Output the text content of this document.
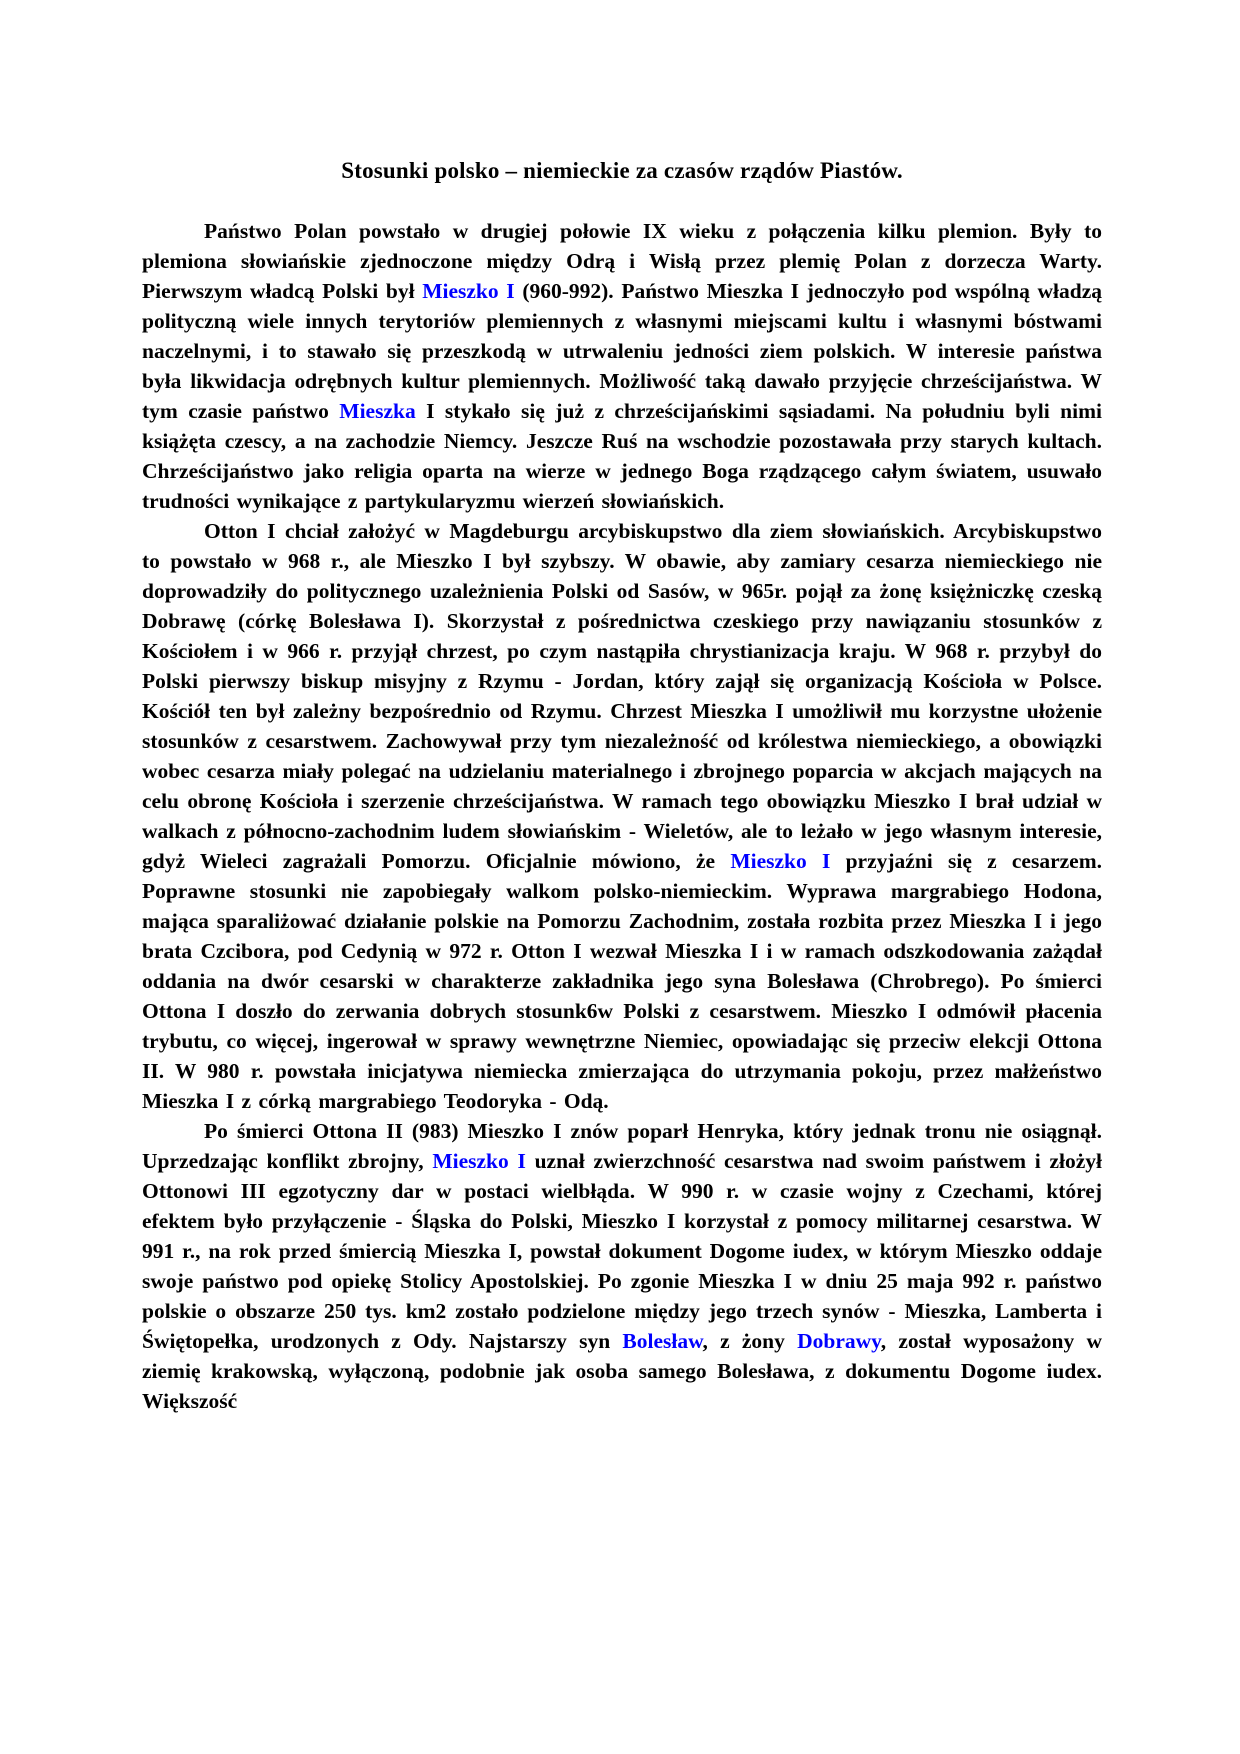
Stosunki polsko – niemieckie za czasów rządów Piastów.

Państwo Polan powstało w drugiej połowie IX wieku z połączenia kilku plemion. Były to plemiona słowiańskie zjednoczone między Odrą i Wisłą przez plemię Polan z dorzecza Warty. Pierwszym władcą Polski był Mieszko I (960-992). Państwo Mieszka I jednoczyło pod wspólną władzą polityczną wiele innych terytoriów plemiennych z własnymi miejscami kultu i własnymi bóstwami naczelnymi, i to stawało się przeszkodą w utrwaleniu jedności ziem polskich. W interesie państwa była likwidacja odrębnych kultur plemiennych. Możliwość taką dawało przyjęcie chrześcijaństwa. W tym czasie państwo Mieszka I stykało się już z chrześcijańskimi sąsiadami. Na południu byli nimi książęta czescy, a na zachodzie Niemcy. Jeszcze Ruś na wschodzie pozostawała przy starych kultach. Chrześcijaństwo jako religia oparta na wierze w jednego Boga rządzącego całym światem, usuwało trudności wynikające z partykularyzmu wierzeń słowiańskich.

Otton I chciał założyć w Magdeburgu arcybiskupstwo dla ziem słowiańskich. Arcybiskupstwo to powstało w 968 r., ale Mieszko I był szybszy. W obawie, aby zamiary cesarza niemieckiego nie doprowadziły do politycznego uzależnienia Polski od Sasów, w 965r. pojął za żonę księżniczkę czeską Dobrawę (córkę Bolesława I). Skorzystał z pośrednictwa czeskiego przy nawiązaniu stosunków z Kościołem i w 966 r. przyjął chrzest, po czym nastąpiła chrystianizacja kraju. W 968 r. przybył do Polski pierwszy biskup misyjny z Rzymu - Jordan, który zajął się organizacją Kościoła w Polsce. Kościół ten był zależny bezpośrednio od Rzymu. Chrzest Mieszka I umożliwił mu korzystne ułożenie stosunków z cesarstwem. Zachowywał przy tym niezależność od królestwa niemieckiego, a obowiązki wobec cesarza miały polegać na udzielaniu materialnego i zbrojnego poparcia w akcjach mających na celu obronę Kościoła i szerzenie chrześcijaństwa. W ramach tego obowiązku Mieszko I brał udział w walkach z północno-zachodnim ludem słowiańskim - Wieletów, ale to leżało w jego własnym interesie, gdyż Wieleci zagrażali Pomorzu. Oficjalnie mówiono, że Mieszko I przyjaźni się z cesarzem. Poprawne stosunki nie zapobiegały walkom polsko-niemieckim. Wyprawa margrabiego Hodona, mająca sparaliżować działanie polskie na Pomorzu Zachodnim, została rozbita przez Mieszka I i jego brata Czcibora, pod Cedynią w 972 r. Otton I wezwał Mieszka I i w ramach odszkodowania zażądał oddania na dwór cesarski w charakterze zakładnika jego syna Bolesława (Chrobrego). Po śmierci Ottona I doszło do zerwania dobrych stosunk6w Polski z cesarstwem. Mieszko I odmówił płacenia trybutu, co więcej, ingerował w sprawy wewnętrzne Niemiec, opowiadając się przeciw elekcji Ottona II. W 980 r. powstała inicjatywa niemiecka zmierzająca do utrzymania pokoju, przez małżeństwo Mieszka I z córką margrabiego Teodoryka - Odą.

Po śmierci Ottona II (983) Mieszko I znów poparł Henryka, który jednak tronu nie osiągnął. Uprzedzając konflikt zbrojny, Mieszko I uznał zwierzchność cesarstwa nad swoim państwem i złożył Ottonowi III egzotyczny dar w postaci wielbłąda. W 990 r. w czasie wojny z Czechami, której efektem było przyłączenie - Śląska do Polski, Mieszko I korzystał z pomocy militarnej cesarstwa. W 991 r., na rok przed śmiercią Mieszka I, powstał dokument Dogome iudex, w którym Mieszko oddaje swoje państwo pod opiekę Stolicy Apostolskiej. Po zgonie Mieszka I w dniu 25 maja 992 r. państwo polskie o obszarze 250 tys. km2 zostało podzielone między jego trzech synów - Mieszka, Lamberta i Świętopełka, urodzonych z Ody. Najstarszy syn Bolesław, z żony Dobrawy, został wyposażony w ziemię krakowską, wyłączoną, podobnie jak osoba samego Bolesława, z dokumentu Dogome iudex. Większość
